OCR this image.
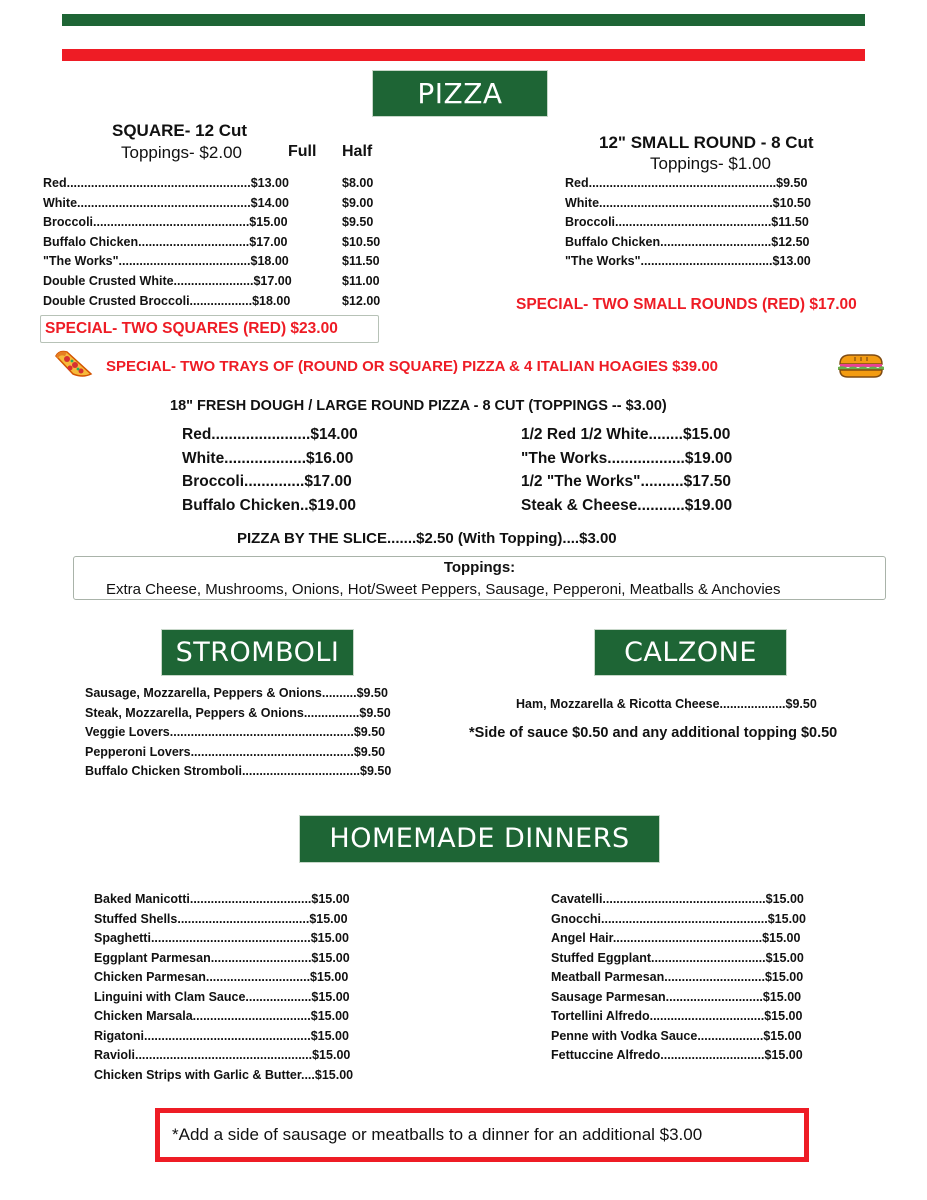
PIZZA
SQUARE- 12 Cut
Toppings- $2.00	Full Half
Red.....................................................$13.00	$8.00
White..................................................$14.00	$9.00
Broccoli.............................................$15.00	$9.50
Buffalo Chicken................................$17.00	$10.50
"The Works"......................................$18.00	$11.50
Double Crusted White.......................$17.00	$11.00
Double Crusted Broccoli..................$18.00	$12.00
SPECIAL- TWO SQUARES (RED) $23.00
12" SMALL ROUND - 8 Cut
Toppings- $1.00
Red......................................................$9.50
White..................................................$10.50
Broccoli.............................................$11.50
Buffalo Chicken................................$12.50
"The Works"......................................$13.00
SPECIAL- TWO SMALL ROUNDS (RED) $17.00
SPECIAL- TWO TRAYS OF (ROUND OR SQUARE) PIZZA & 4 ITALIAN HOAGIES $39.00
18" FRESH DOUGH / LARGE ROUND PIZZA - 8 CUT (TOPPINGS -- $3.00)
Red.......................$14.00
White...................$16.00
Broccoli..............$17.00
Buffalo Chicken..$19.00
1/2 Red 1/2 White........$15.00
"The Works..................$19.00
1/2 "The Works"..........$17.50
Steak & Cheese...........$19.00
PIZZA BY THE SLICE.......$2.50 (With Topping)....$3.00
Toppings:
Extra Cheese, Mushrooms, Onions, Hot/Sweet Peppers, Sausage, Pepperoni, Meatballs & Anchovies
STROMBOLI
Sausage, Mozzarella, Peppers & Onions..........$9.50
Steak, Mozzarella, Peppers & Onions................$9.50
Veggie Lovers.....................................................$9.50
Pepperoni Lovers...............................................$9.50
Buffalo Chicken Stromboli..................................$9.50
CALZONE
Ham, Mozzarella & Ricotta Cheese...................$9.50
*Side of sauce $0.50 and any additional topping $0.50
HOMEMADE DINNERS
Baked Manicotti...................................$15.00
Stuffed Shells......................................$15.00
Spaghetti..............................................$15.00
Eggplant Parmesan.............................$15.00
Chicken Parmesan..............................$15.00
Linguini with Clam Sauce...................$15.00
Chicken Marsala..................................$15.00
Rigatoni................................................$15.00
Ravioli...................................................$15.00
Chicken Strips with Garlic & Butter....$15.00
Cavatelli...............................................$15.00
Gnocchi................................................$15.00
Angel Hair...........................................$15.00
Stuffed Eggplant.................................$15.00
Meatball Parmesan.............................$15.00
Sausage Parmesan............................$15.00
Tortellini Alfredo.................................$15.00
Penne with Vodka Sauce...................$15.00
Fettuccine Alfredo..............................$15.00
*Add a side of sausage or meatballs to a dinner for an additional $3.00
